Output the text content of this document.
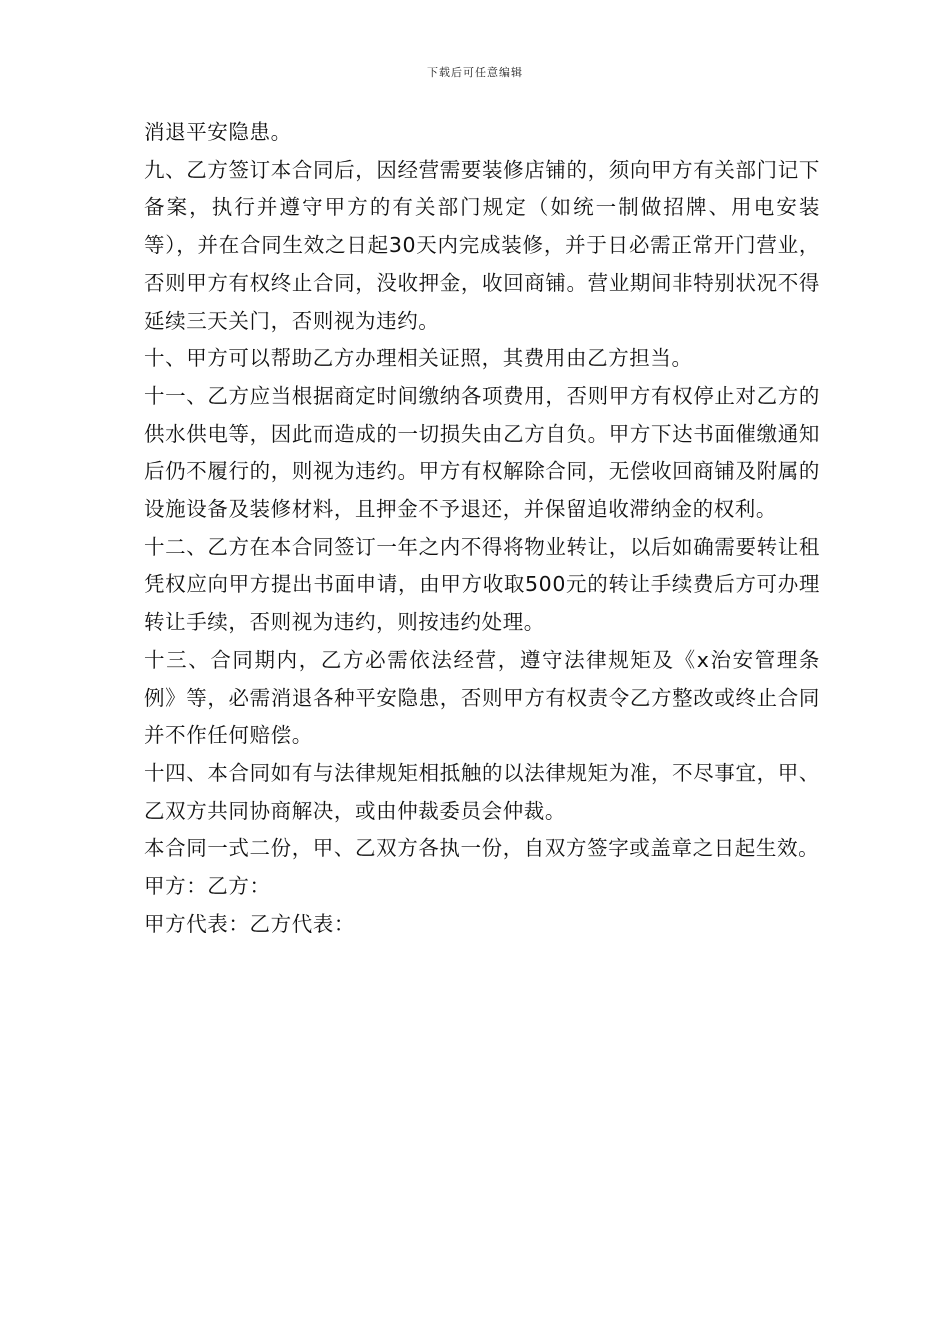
下载后可任意编辑

消退平安隐患。

九、乙方签订本合同后，因经营需要装修店铺的，须向甲方有关部门记下备案，执行并遵守甲方的有关部门规定（如统一制做招牌、用电安装等），并在合同生效之日起30天内完成装修，并于日必需正常开门营业，否则甲方有权终止合同，没收押金，收回商铺。营业期间非特别状况不得延续三天关门，否则视为违约。

十、甲方可以帮助乙方办理相关证照，其费用由乙方担当。

十一、乙方应当根据商定时间缴纳各项费用，否则甲方有权停止对乙方的供水供电等，因此而造成的一切损失由乙方自负。甲方下达书面催缴通知后仍不履行的，则视为违约。甲方有权解除合同，无偿收回商铺及附属的设施设备及装修材料，且押金不予退还，并保留追收滞纳金的权利。

十二、乙方在本合同签订一年之内不得将物业转让，以后如确需要转让租凭权应向甲方提出书面申请，由甲方收取500元的转让手续费后方可办理转让手续，否则视为违约，则按违约处理。

十三、合同期内，乙方必需依法经营，遵守法律规矩及《x治安管理条例》等，必需消退各种平安隐患，否则甲方有权责令乙方整改或终止合同并不作任何赔偿。

十四、本合同如有与法律规矩相抵触的以法律规矩为准，不尽事宜，甲、乙双方共同协商解决，或由仲裁委员会仲裁。

本合同一式二份，甲、乙双方各执一份，自双方签字或盖章之日起生效。

甲方：乙方：

甲方代表：乙方代表：
